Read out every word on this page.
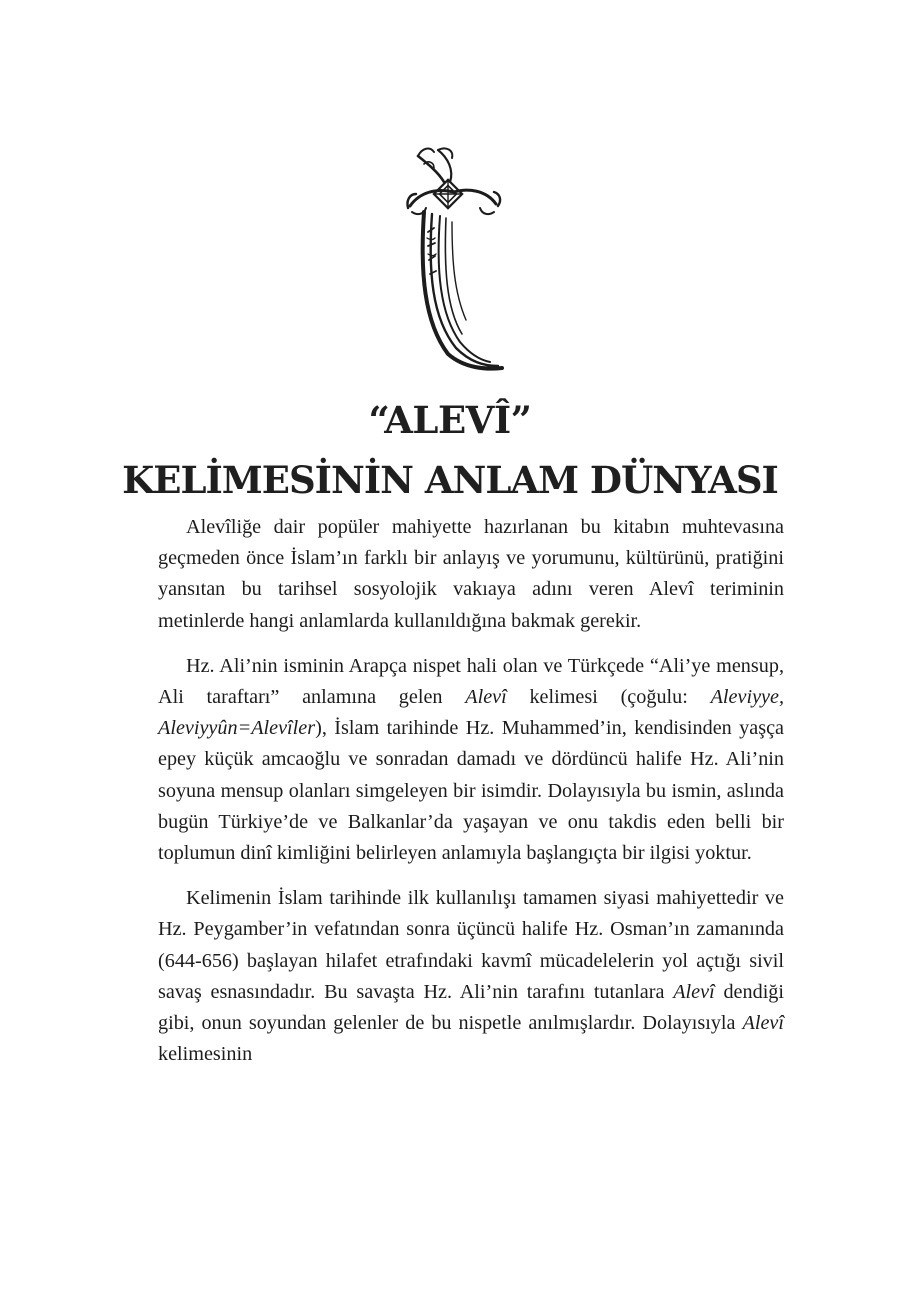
“ALEVÎ”
KELİMESİNİN ANLAM DÜNYASI

Alevîliğe dair popüler mahiyette hazırlanan bu kitabın muhtevasına geçmeden önce İslam’ın farklı bir anlayış ve yorumunu, kültürünü, pratiğini yansıtan bu tarihsel sosyolojik vakıaya adını veren Alevî teriminin metinlerde hangi anlamlarda kullanıldığına bakmak gerekir.

Hz. Ali’nin isminin Arapça nispet hali olan ve Türkçede “Ali’ye mensup, Ali taraftarı” anlamına gelen Alevî kelimesi (çoğulu: Aleviyye, Aleviyyûn=Alevîler), İslam tarihinde Hz. Muhammed’in, kendisinden yaşça epey küçük amcaoğlu ve sonradan damadı ve dördüncü halife Hz. Ali’nin soyuna mensup olanları simgeleyen bir isimdir. Dolayısıyla bu ismin, aslında bugün Türkiye’de ve Balkanlar’da yaşayan ve onu takdis eden belli bir toplumun dinî kimliğini belirleyen anlamıyla başlangıçta bir ilgisi yoktur.

Kelimenin İslam tarihinde ilk kullanılışı tamamen siyasi mahiyettedir ve Hz. Peygamber’in vefatından sonra üçüncü halife Hz. Osman’ın zamanında (644-656) başlayan hilafet etrafındaki kavmî mücadelelerin yol açtığı sivil savaş esnasındadır. Bu savaşta Hz. Ali’nin tarafını tutanlara Alevî dendiği gibi, onun soyundan gelenler de bu nispetle anılmışlardır. Dolayısıyla Alevî kelimesinin
